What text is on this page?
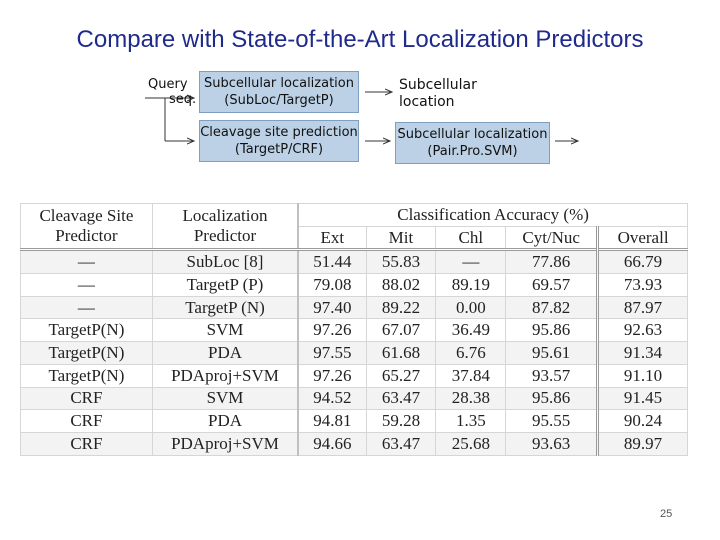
Compare with State-of-the-Art Localization Predictors
Query
seq.
Subcellular localization
(SubLoc/TargetP)
Subcellular
location
Cleavage site prediction
(TargetP/CRF)
Subcellular localization
(Pair.Pro.SVM)
Cleavage Site
Predictor	Localization
Predictor	Classification Accuracy (%)				
		Ext	Mit	Chl	Cyt/Nuc	Overall
—	SubLoc [8]	51.44	55.83	—	77.86	66.79
—	TargetP (P)	79.08	88.02	89.19	69.57	73.93
—	TargetP (N)	97.40	89.22	0.00	87.82	87.97
TargetP(N)	SVM	97.26	67.07	36.49	95.86	92.63
TargetP(N)	PDA	97.55	61.68	6.76	95.61	91.34
TargetP(N)	PDAproj+SVM	97.26	65.27	37.84	93.57	91.10
CRF	SVM	94.52	63.47	28.38	95.86	91.45
CRF	PDA	94.81	59.28	1.35	95.55	90.24
CRF	PDAproj+SVM	94.66	63.47	25.68	93.63	89.97
25
